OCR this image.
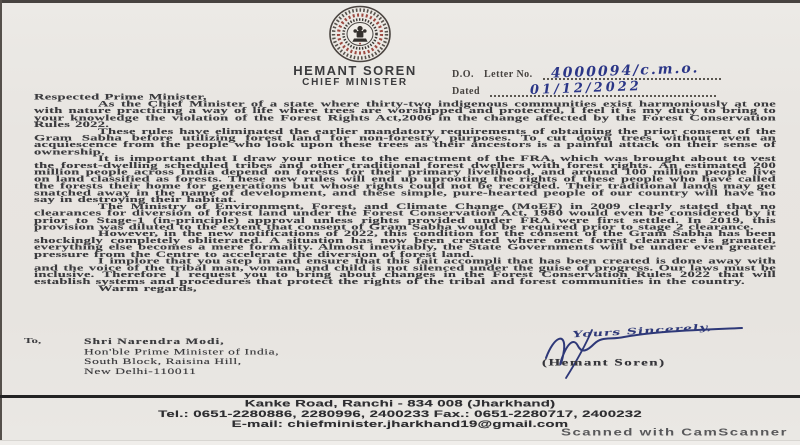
HEMANT SOREN
CHIEF MINISTER
D.O. Letter No. 4000094/c.m.o.
Dated	01/12/2022

Respected Prime Minister,

As the Chief Minister of a state where thirty-two indigenous communities exist harmoniously at one with nature practicing a way of life where trees are worshipped and protected, I feel it is my duty to bring to your knowledge the violation of the Forest Rights Act,2006 in the change affected by the Forest Conservation Rules 2022.

These rules have eliminated the earlier mandatory requirements of obtaining the prior consent of the Gram Sabha before utilizing forest land for non-forestry purposes. To cut down trees without even an acquiescence from the people who look upon these trees as their ancestors is a painful attack on their sense of ownership.

It is important that I draw your notice to the enactment of the FRA, which was brought about to vest the forest-dwelling scheduled tribes and other traditional forest dwellers with forest rights. An estimated 200 million people across India depend on forests for their primary livelihood, and around 100 million people live on land classified as forests. These new rules will end up uprooting the rights of these people who have called the forests their home for generations but whose rights could not be recorded. Their traditional lands may get snatched away in the name of development, and these simple, pure-hearted people of our country will have no say in destroying their habitat.

The Ministry of Environment, Forest, and Climate Change (MoEF) in 2009 clearly stated that no clearances for diversion of forest land under the Forest Conservation Act, 1980 would even be considered by it prior to Stage-1 (in-principle) approval unless rights provided under FRA were first settled. In 2019, this provision was diluted to the extent that consent of Gram Sabha would be required prior to stage 2 clearance.

However, in the new notifications of 2022, this condition for the consent of the Gram Sabha has been shockingly completely obliterated. A situation has now been created where once forest clearance is granted, everything else becomes a mere formality. Almost inevitably, the State Governments will be under even greater pressure from the Centre to accelerate the diversion of forest land.

I implore that you step in and ensure that this fait accompli that has been created is done away with and the voice of the tribal man, woman, and child is not silenced under the guise of progress. Our laws must be inclusive. Therefore I request you to bring about changes in the Forest Conservation Rules 2022 that will establish systems and procedures that protect the rights of the tribal and forest communities in the country.

Warm regards,

To,	Shri Narendra Modi,
Hon'ble Prime Minister of India,
South Block, Raisina Hill,
New Delhi-110011
Yours Sincerely,
(Hemant Soren)
Kanke Road, Ranchi - 834 008 (Jharkhand)
Tel.: 0651-2280886, 2280996, 2400233 Fax.: 0651-2280717, 2400232
E-mail: chiefminister.jharkhand19@gmail.com
Scanned with CamScanner
